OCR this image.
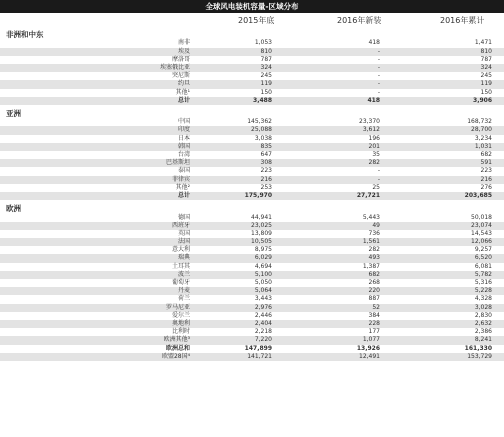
全球风电装机容量-区域分布
2015年底	2016年新装	2016年累计
非洲和中东
南非	1,053	418	1,471
埃及	810	-	810
摩洛哥	787	-	787
埃塞俄比亚	324	-	324
突尼斯	245	-	245
约旦	119	-	119
其他¹	150	-	150
总计	3,488	418	3,906
亚洲
中国	145,362	23,370	168,732
印度	25,088	3,612	28,700
日本	3,038	196	3,234
韩国	835	201	1,031
台湾	647	35	682
巴基斯坦	308	282	591
泰国	223	-	223
菲律宾	216	-	216
其他²	253	25	276
总计	175,970	27,721	203,685
欧洲
德国	44,941	5,443	50,018
西班牙	23,025	49	23,074
英国	13,809	736	14,543
法国	10,505	1,561	12,066
意大利	8,975	282	9,257
瑞典	6,029	493	6,520
土耳其	4,694	1,387	6,081
波兰	5,100	682	5,782
葡萄牙	5,050	268	5,316
丹麦	5,064	220	5,228
荷兰	3,443	887	4,328
罗马尼亚	2,976	52	3,028
爱尔兰	2,446	384	2,830
奥地利	2,404	228	2,632
比利时	2,218	177	2,386
欧洲其他³	7,220	1,077	8,241
欧洲总和	147,899	13,926	161,330
欧盟28国⁴	141,721	12,491	153,729
